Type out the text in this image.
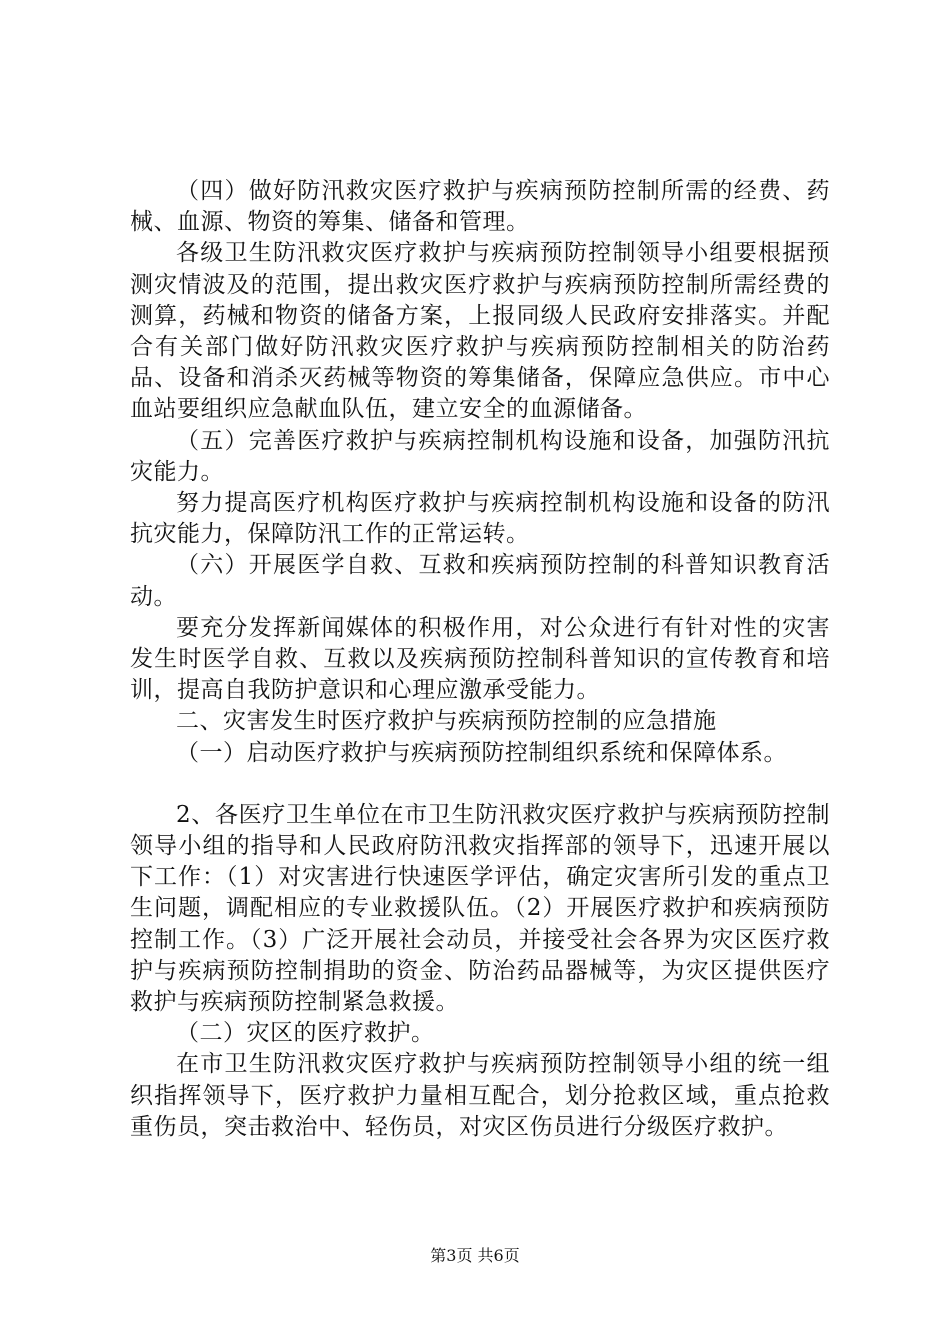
（四）做好防汛救灾医疗救护与疾病预防控制所需的经费、药械、血源、物资的筹集、储备和管理。

各级卫生防汛救灾医疗救护与疾病预防控制领导小组要根据预测灾情波及的范围，提出救灾医疗救护与疾病预防控制所需经费的测算，药械和物资的储备方案，上报同级人民政府安排落实。并配合有关部门做好防汛救灾医疗救护与疾病预防控制相关的防治药品、设备和消杀灭药械等物资的筹集储备，保障应急供应。市中心血站要组织应急献血队伍，建立安全的血源储备。

（五）完善医疗救护与疾病控制机构设施和设备，加强防汛抗灾能力。

努力提高医疗机构医疗救护与疾病控制机构设施和设备的防汛抗灾能力，保障防汛工作的正常运转。

（六）开展医学自救、互救和疾病预防控制的科普知识教育活动。

要充分发挥新闻媒体的积极作用，对公众进行有针对性的灾害发生时医学自救、互救以及疾病预防控制科普知识的宣传教育和培训，提高自我防护意识和心理应激承受能力。

二、灾害发生时医疗救护与疾病预防控制的应急措施

（一）启动医疗救护与疾病预防控制组织系统和保障体系。

2、各医疗卫生单位在市卫生防汛救灾医疗救护与疾病预防控制领导小组的指导和人民政府防汛救灾指挥部的领导下，迅速开展以下工作：（1）对灾害进行快速医学评估，确定灾害所引发的重点卫生问题，调配相应的专业救援队伍。（2）开展医疗救护和疾病预防控制工作。（3）广泛开展社会动员，并接受社会各界为灾区医疗救护与疾病预防控制捐助的资金、防治药品器械等，为灾区提供医疗救护与疾病预防控制紧急救援。

（二）灾区的医疗救护。

在市卫生防汛救灾医疗救护与疾病预防控制领导小组的统一组织指挥领导下，医疗救护力量相互配合，划分抢救区域，重点抢救重伤员，突击救治中、轻伤员，对灾区伤员进行分级医疗救护。

第3页 共6页
